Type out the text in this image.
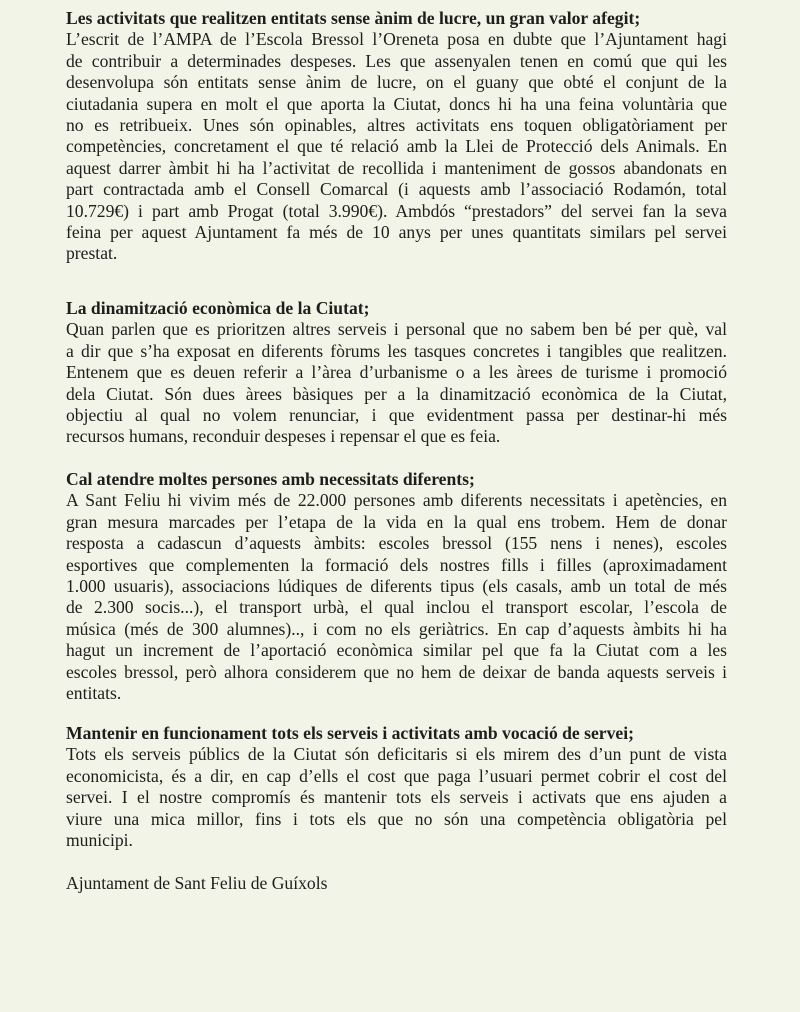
Les activitats que realitzen entitats sense ànim de lucre, un gran valor afegit;
L’escrit de l’AMPA de l’Escola Bressol l’Oreneta posa en dubte que l’Ajuntament hagi
de contribuir a determinades despeses. Les que assenyalen tenen en comú que qui les
desenvolupa són entitats sense ànim de lucre, on el guany que obté el conjunt de la
ciutadania supera en molt el que aporta la Ciutat, doncs hi ha una feina voluntària que
no es retribueix. Unes són opinables, altres activitats ens toquen obligatòriament per
competències, concretament el que té relació amb la Llei de Protecció dels Animals. En
aquest darrer àmbit hi ha l’activitat de recollida i manteniment de gossos abandonats en
part contractada amb el Consell Comarcal (i aquests amb l’associació Rodamón, total
10.729€) i part amb Progat (total 3.990€). Ambdós “prestadors” del servei fan la seva
feina per aquest Ajuntament fa més de 10 anys per unes quantitats similars pel servei
prestat.
La dinamització econòmica de la Ciutat;
Quan parlen que es prioritzen altres serveis i personal que no sabem ben bé per què, val
a dir que s’ha exposat en diferents fòrums les tasques concretes i tangibles que realitzen.
Entenem que es deuen referir a l’àrea d’urbanisme o a les àrees de turisme i promoció
dela Ciutat. Són dues àrees bàsiques per a la dinamització econòmica de la Ciutat,
objectiu al qual no volem renunciar, i que evidentment passa per destinar-hi més
recursos humans, reconduir despeses i repensar el que es feia.
Cal atendre moltes persones amb necessitats diferents;
A Sant Feliu hi vivim més de 22.000 persones amb diferents necessitats i apetències, en
gran mesura marcades per l’etapa de la vida en la qual ens trobem. Hem de donar
resposta a cadascun d’aquests àmbits: escoles bressol (155 nens i nenes), escoles
esportives que complementen la formació dels nostres fills i filles (aproximadament
1.000 usuaris), associacions lúdiques de diferents tipus (els casals, amb un total de més
de 2.300 socis...), el transport urbà, el qual inclou el transport escolar, l’escola de
música (més de 300 alumnes).., i com no els geriàtrics. En cap d’aquests àmbits hi ha
hagut un increment de l’aportació econòmica similar pel que fa la Ciutat com a les
escoles bressol, però alhora considerem que no hem de deixar de banda aquests serveis i
entitats.
Mantenir en funcionament tots els serveis i activitats amb vocació de servei;
Tots els serveis públics de la Ciutat són deficitaris si els mirem des d’un punt de vista
economicista, és a dir, en cap d’ells el cost que paga l’usuari permet cobrir el cost del
servei. I el nostre compromís és mantenir tots els serveis i activats que ens ajuden a
viure una mica millor, fins i tots els que no són una competència obligatòria pel
municipi.
Ajuntament de Sant Feliu de Guíxols
